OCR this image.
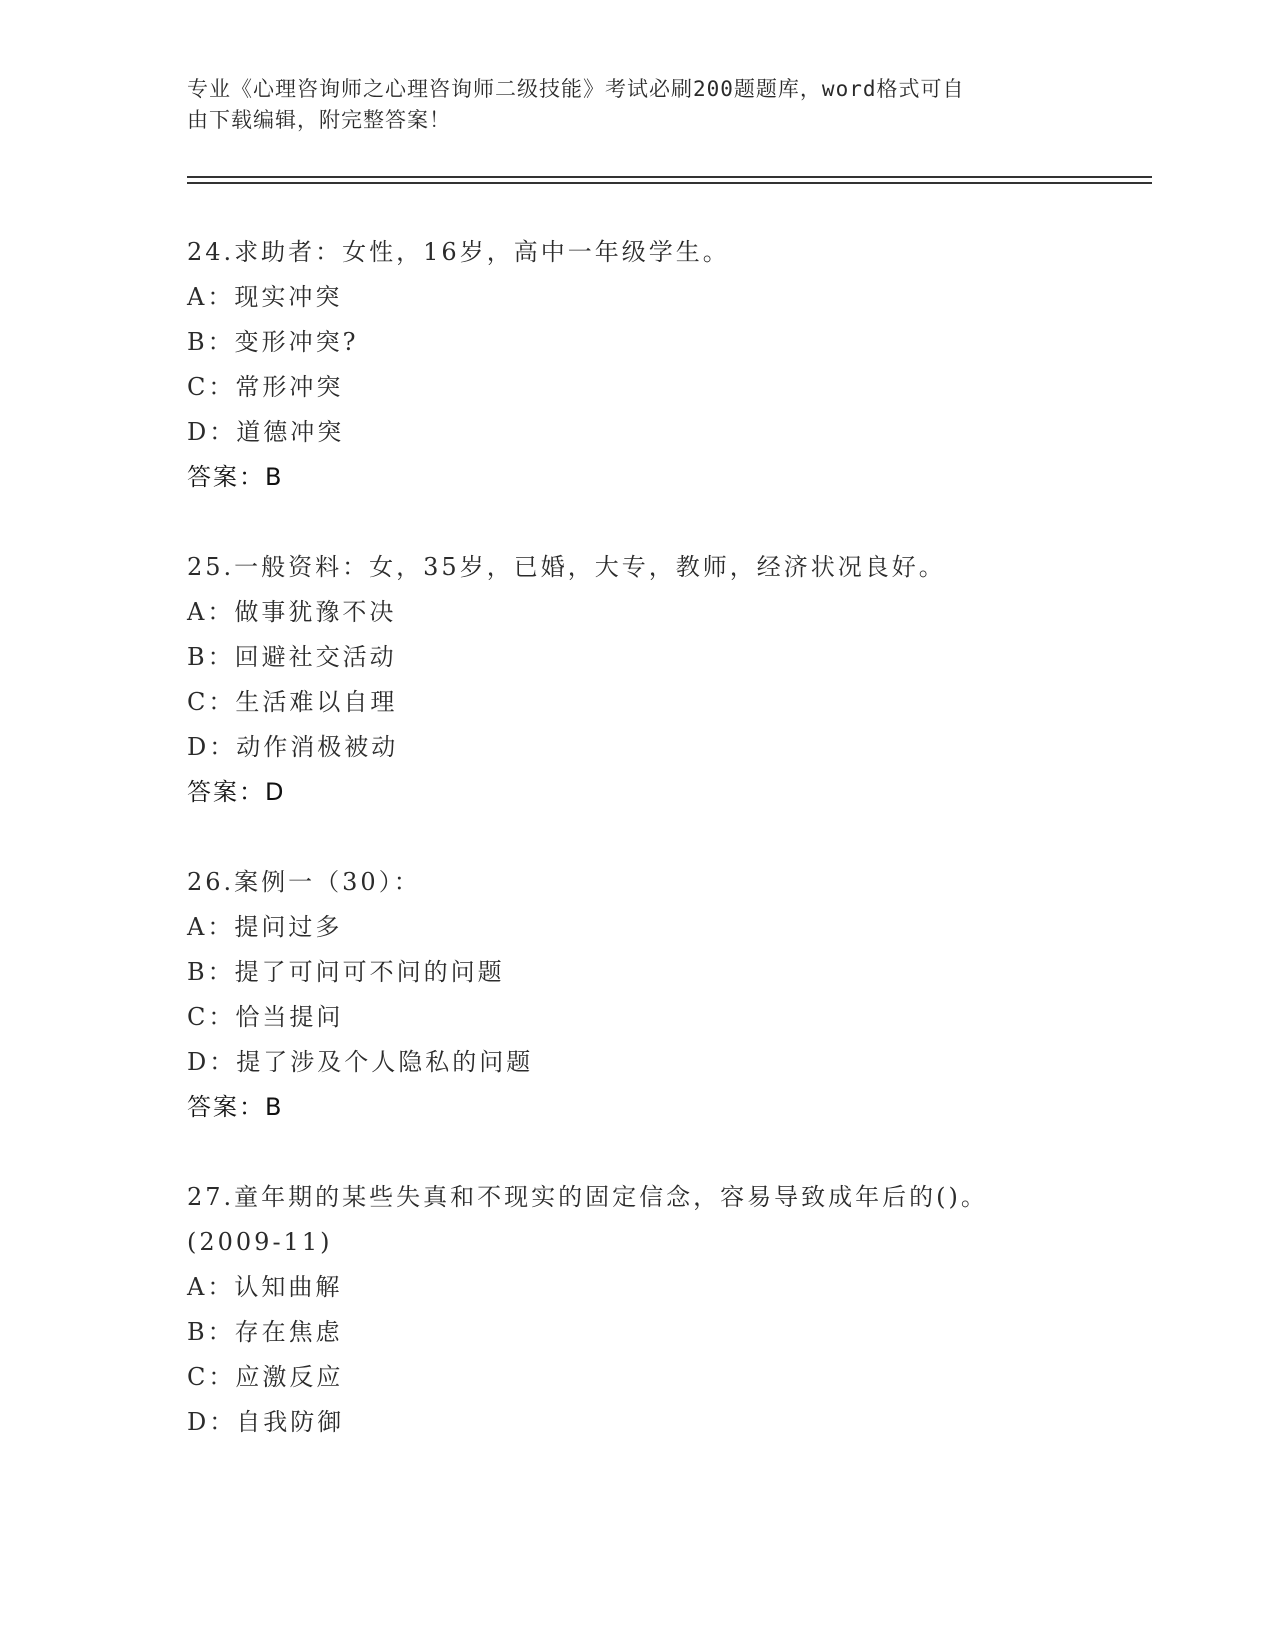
专业《心理咨询师之心理咨询师二级技能》考试必刷200题题库，word格式可自
由下载编辑，附完整答案！
24.求助者：女性，16岁，高中一年级学生。
A：现实冲突
B：变形冲突?
C：常形冲突
D：道德冲突
答案：B
25.一般资料：女，35岁，已婚，大专，教师，经济状况良好。
A：做事犹豫不决
B：回避社交活动
C：生活难以自理
D：动作消极被动
答案：D
26.案例一（30）：
A：提问过多
B：提了可问可不问的问题
C：恰当提问
D：提了涉及个人隐私的问题
答案：B
27.童年期的某些失真和不现实的固定信念，容易导致成年后的()。
(2009-11)
A：认知曲解
B：存在焦虑
C：应激反应
D：自我防御
